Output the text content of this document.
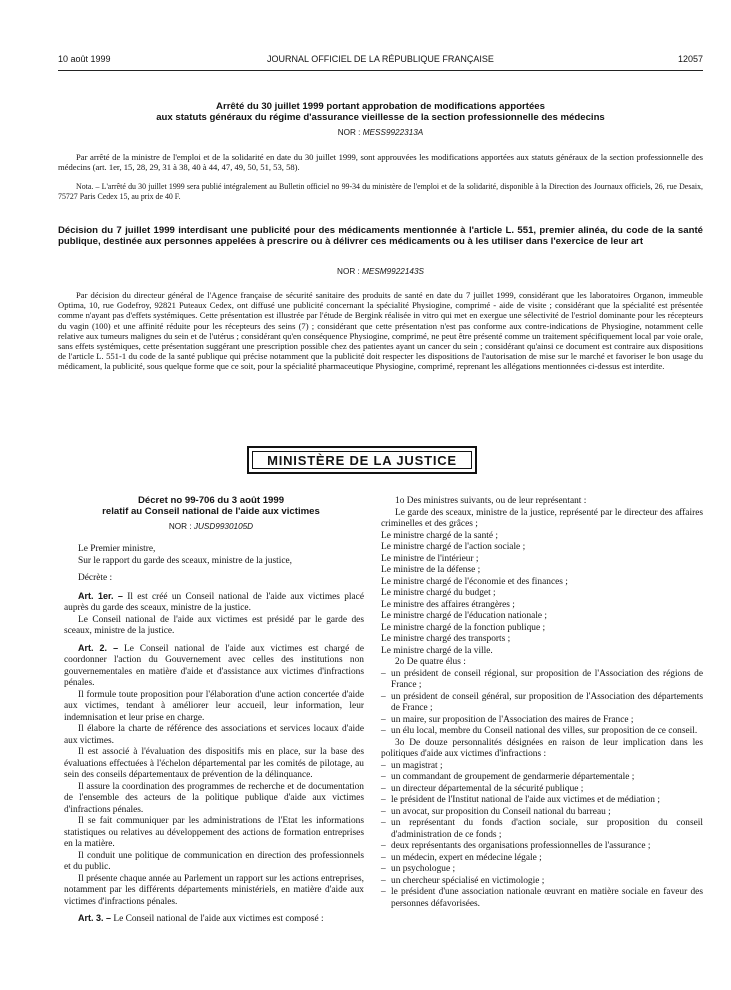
10 août 1999	JOURNAL OFFICIEL DE LA RÉPUBLIQUE FRANÇAISE	12057
Arrêté du 30 juillet 1999 portant approbation de modifications apportées
aux statuts généraux du régime d'assurance vieillesse de la section professionnelle des médecins
NOR : MESS9922313A

Par arrêté de la ministre de l'emploi et de la solidarité en date du 30 juillet 1999, sont approuvées les modifications apportées aux statuts généraux de la section professionnelle des médecins (art. 1er, 15, 28, 29, 31 à 38, 40 à 44, 47, 49, 50, 51, 53, 58).

Nota. – L'arrêté du 30 juillet 1999 sera publié intégralement au Bulletin officiel no 99-34 du ministère de l'emploi et de la solidarité, disponible à la Direction des Journaux officiels, 26, rue Desaix, 75727 Paris Cedex 15, au prix de 40 F.

Décision du 7 juillet 1999 interdisant une publicité pour des médicaments mentionnée à l'article L. 551, premier alinéa, du code de la santé publique, destinée aux personnes appelées à prescrire ou à délivrer ces médicaments ou à les utiliser dans l'exercice de leur art
NOR : MESM9922143S

Par décision du directeur général de l'Agence française de sécurité sanitaire des produits de santé en date du 7 juillet 1999, considérant que les laboratoires Organon, immeuble Optima, 10, rue Godefroy, 92821 Puteaux Cedex, ont diffusé une publicité concernant la spécialité Physiogine, comprimé - aide de visite ; considérant que la spécialité est présentée comme n'ayant pas d'effets systémiques. Cette présentation est illustrée par l'étude de Bergink réalisée in vitro qui met en exergue une sélectivité de l'estriol dominante pour les récepteurs du vagin (100) et une affinité réduite pour les récepteurs des seins (7) ; considérant que cette présentation n'est pas conforme aux contre-indications de Physiogine, notamment celle relative aux tumeurs malignes du sein et de l'utérus ; considérant qu'en conséquence Physiogine, comprimé, ne peut être présenté comme un traitement spécifiquement local par voie orale, sans effets systémiques, cette présentation suggérant une prescription possible chez des patientes ayant un cancer du sein ; considérant qu'ainsi ce document est contraire aux dispositions de l'article L. 551-1 du code de la santé publique qui précise notamment que la publicité doit respecter les dispositions de l'autorisation de mise sur le marché et favoriser le bon usage du médicament, la publicité, sous quelque forme que ce soit, pour la spécialité pharmaceutique Physiogine, comprimé, reprenant les allégations mentionnées ci-dessus est interdite.

MINISTÈRE DE LA JUSTICE
Décret no 99-706 du 3 août 1999
relatif au Conseil national de l'aide aux victimes
NOR : JUSD9930105D

Le Premier ministre,

Sur le rapport du garde des sceaux, ministre de la justice,

Décrète :

Art. 1er. – Il est créé un Conseil national de l'aide aux victimes placé auprès du garde des sceaux, ministre de la justice.

Le Conseil national de l'aide aux victimes est présidé par le garde des sceaux, ministre de la justice.

Art. 2. – Le Conseil national de l'aide aux victimes est chargé de coordonner l'action du Gouvernement avec celles des institutions non gouvernementales en matière d'aide et d'assistance aux victimes d'infractions pénales.

Il formule toute proposition pour l'élaboration d'une action concertée d'aide aux victimes, tendant à améliorer leur accueil, leur information, leur indemnisation et leur prise en charge.

Il élabore la charte de référence des associations et services locaux d'aide aux victimes.

Il est associé à l'évaluation des dispositifs mis en place, sur la base des évaluations effectuées à l'échelon départemental par les comités de pilotage, au sein des conseils départementaux de prévention de la délinquance.

Il assure la coordination des programmes de recherche et de documentation de l'ensemble des acteurs de la politique publique d'aide aux victimes d'infractions pénales.

Il se fait communiquer par les administrations de l'Etat les informations statistiques ou relatives au développement des actions de formation entreprises en la matière.

Il conduit une politique de communication en direction des professionnels et du public.

Il présente chaque année au Parlement un rapport sur les actions entreprises, notamment par les différents départements ministériels, en matière d'aide aux victimes d'infractions pénales.

Art. 3. – Le Conseil national de l'aide aux victimes est composé :

1o Des ministres suivants, ou de leur représentant :

Le garde des sceaux, ministre de la justice, représenté par le directeur des affaires criminelles et des grâces ;

Le ministre chargé de la santé ;

Le ministre chargé de l'action sociale ;

Le ministre de l'intérieur ;

Le ministre de la défense ;

Le ministre chargé de l'économie et des finances ;

Le ministre chargé du budget ;

Le ministre des affaires étrangères ;

Le ministre chargé de l'éducation nationale ;

Le ministre chargé de la fonction publique ;

Le ministre chargé des transports ;

Le ministre chargé de la ville.

2o De quatre élus :

– un président de conseil régional, sur proposition de l'Association des régions de France ;

– un président de conseil général, sur proposition de l'Association des départements de France ;

– un maire, sur proposition de l'Association des maires de France ;

– un élu local, membre du Conseil national des villes, sur proposition de ce conseil.

3o De douze personnalités désignées en raison de leur implication dans les politiques d'aide aux victimes d'infractions :

– un magistrat ;

– un commandant de groupement de gendarmerie départementale ;

– un directeur départemental de la sécurité publique ;

– le président de l'Institut national de l'aide aux victimes et de médiation ;

– un avocat, sur proposition du Conseil national du barreau ;

– un représentant du fonds d'action sociale, sur proposition du conseil d'administration de ce fonds ;

– deux représentants des organisations professionnelles de l'assurance ;

– un médecin, expert en médecine légale ;

– un psychologue ;

– un chercheur spécialisé en victimologie ;

– le président d'une association nationale œuvrant en matière sociale en faveur des personnes défavorisées.
